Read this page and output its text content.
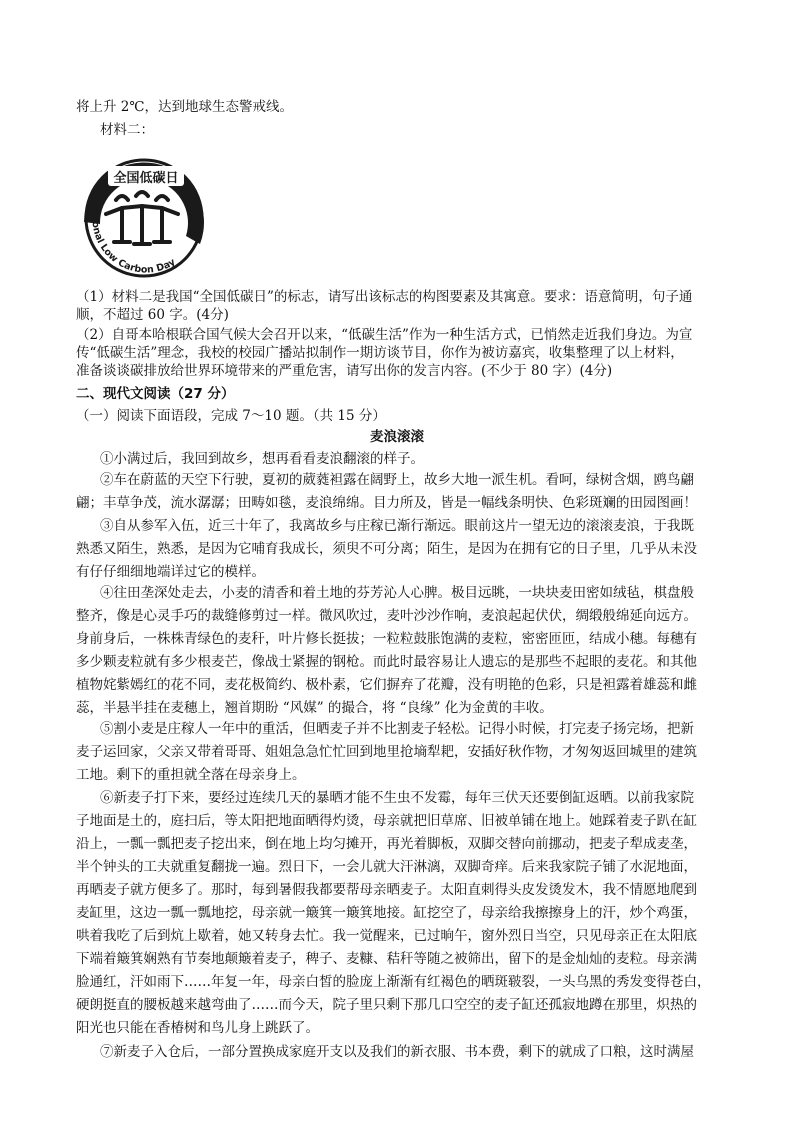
将上升 2℃，达到地球生态警戒线。
材料二：
全国低碳日
National Low Carbon Day
（1）材料二是我国“全国低碳日”的标志，请写出该标志的构图要素及其寓意。要求：语意简明，句子通
顺，不超过 60 字。(4分)
（2）自哥本哈根联合国气候大会召开以来，“低碳生活”作为一种生活方式，已悄然走近我们身边。为宣
传“低碳生活”理念，我校的校园广播站拟制作一期访谈节目，你作为被访嘉宾，收集整理了以上材料，
准备谈谈碳排放给世界环境带来的严重危害，请写出你的发言内容。(不少于 80 字）(4分)
二、现代文阅读（27 分）
（一）阅读下面语段，完成 7～10 题。（共 15 分）
麦浪滚滚
①小满过后，我回到故乡，想再看看麦浪翻滚的样子。
②车在蔚蓝的天空下行驶，夏初的葳蕤袒露在阔野上，故乡大地一派生机。看呵，绿树含烟，鸥鸟翩
翩；丰草争茂，流水潺潺；田畴如毯，麦浪绵绵。目力所及，皆是一幅线条明快、色彩斑斓的田园图画！
③自从参军入伍，近三十年了，我离故乡与庄稼已渐行渐远。眼前这片一望无边的滚滚麦浪，于我既
熟悉又陌生，熟悉，是因为它哺育我成长，须臾不可分离；陌生，是因为在拥有它的日子里，几乎从未没
有仔仔细细地端详过它的模样。
④往田垄深处走去，小麦的清香和着土地的芬芳沁人心脾。极目远眺，一块块麦田密如绒毡，棋盘般
整齐，像是心灵手巧的裁缝修剪过一样。微风吹过，麦叶沙沙作响，麦浪起起伏伏，绸缎般绵延向远方。
身前身后，一株株青绿色的麦秆，叶片修长挺拔；一粒粒鼓胀饱满的麦粒，密密匝匝，结成小穗。每穗有
多少颗麦粒就有多少根麦芒，像战士紧握的钢枪。而此时最容易让人遗忘的是那些不起眼的麦花。和其他
植物姹紫嫣红的花不同，麦花极简约、极朴素，它们摒弃了花瓣，没有明艳的色彩，只是袒露着雄蕊和雌
蕊，半悬半挂在麦穗上，翘首期盼 “风媒” 的撮合，将 “良缘” 化为金黄的丰收。
⑤割小麦是庄稼人一年中的重活，但晒麦子并不比割麦子轻松。记得小时候，打完麦子扬完场，把新
麦子运回家，父亲又带着哥哥、姐姐急急忙忙回到地里抢墒犁耙，安插好秋作物，才匆匆返回城里的建筑
工地。剩下的重担就全落在母亲身上。
⑥新麦子打下来，要经过连续几天的暴晒才能不生虫不发霉，每年三伏天还要倒缸返晒。以前我家院
子地面是土的，庭扫后，等太阳把地面晒得灼烫，母亲就把旧草席、旧被单铺在地上。她踩着麦子趴在缸
沿上，一瓢一瓢把麦子挖出来，倒在地上均匀摊开，再光着脚板，双脚交替向前挪动，把麦子犁成麦垄，
半个钟头的工夫就重复翻拢一遍。烈日下，一会儿就大汗淋漓，双脚奇痒。后来我家院子铺了水泥地面，
再晒麦子就方便多了。那时，每到暑假我都要帮母亲晒麦子。太阳直刺得头皮发烫发木，我不情愿地爬到
麦缸里，这边一瓢一瓢地挖，母亲就一簸箕一簸箕地接。缸挖空了，母亲给我擦擦身上的汗，炒个鸡蛋，
哄着我吃了后到炕上歇着，她又转身去忙。我一觉醒来，已过晌午，窗外烈日当空，只见母亲正在太阳底
下端着簸箕娴熟有节奏地颠簸着麦子，稗子、麦糠、秸秆等随之被筛出，留下的是金灿灿的麦粒。母亲满
脸通红，汗如雨下……年复一年，母亲白皙的脸庞上渐渐有红褐色的晒斑皲裂，一头乌黑的秀发变得苍白，
硬朗挺直的腰板越来越弯曲了……而今天，院子里只剩下那几口空空的麦子缸还孤寂地蹲在那里，炽热的
阳光也只能在香椿树和鸟儿身上跳跃了。
⑦新麦子入仓后，一部分置换成家庭开支以及我们的新衣服、书本费，剩下的就成了口粮，这时满屋
